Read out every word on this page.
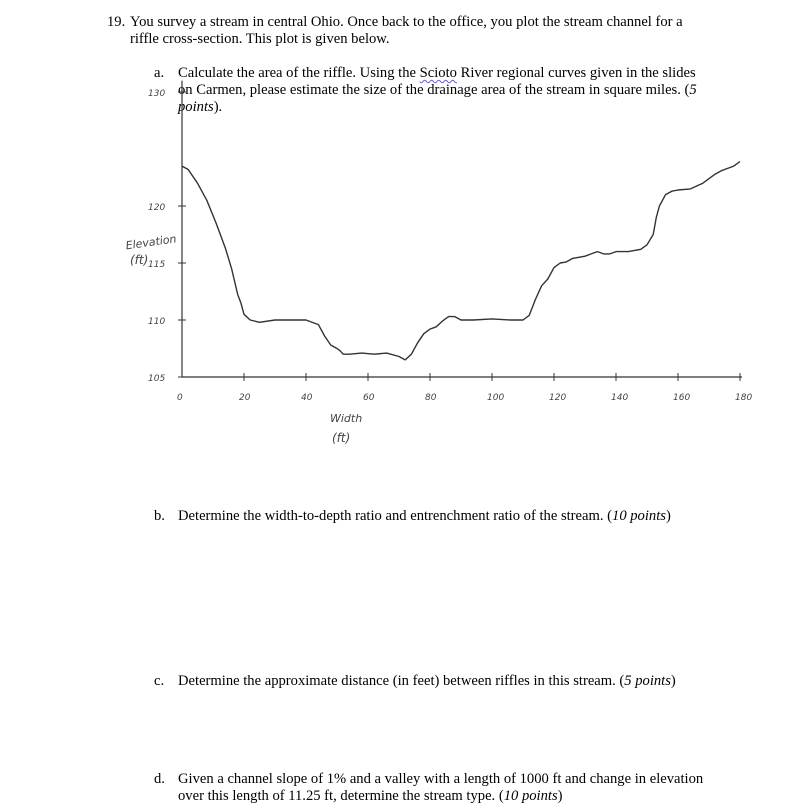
19. You survey a stream in central Ohio. Once back to the office, you plot the stream channel for a
riffle cross-section. This plot is given below.
a. Calculate the area of the riffle. Using the Scioto River regional curves given in the slides
on Carmen, please estimate the size of the drainage area of the stream in square miles. (5
points).
130
120
115
110
105
0	20	40	60	80	100	120	140	160	180
Elevation
(ft)
Width
(ft)
b. Determine the width-to-depth ratio and entrenchment ratio of the stream. (10 points)
c. Determine the approximate distance (in feet) between riffles in this stream. (5 points)
d. Given a channel slope of 1% and a valley with a length of 1000 ft and change in elevation
over this length of 11.25 ft, determine the stream type. (10 points)
